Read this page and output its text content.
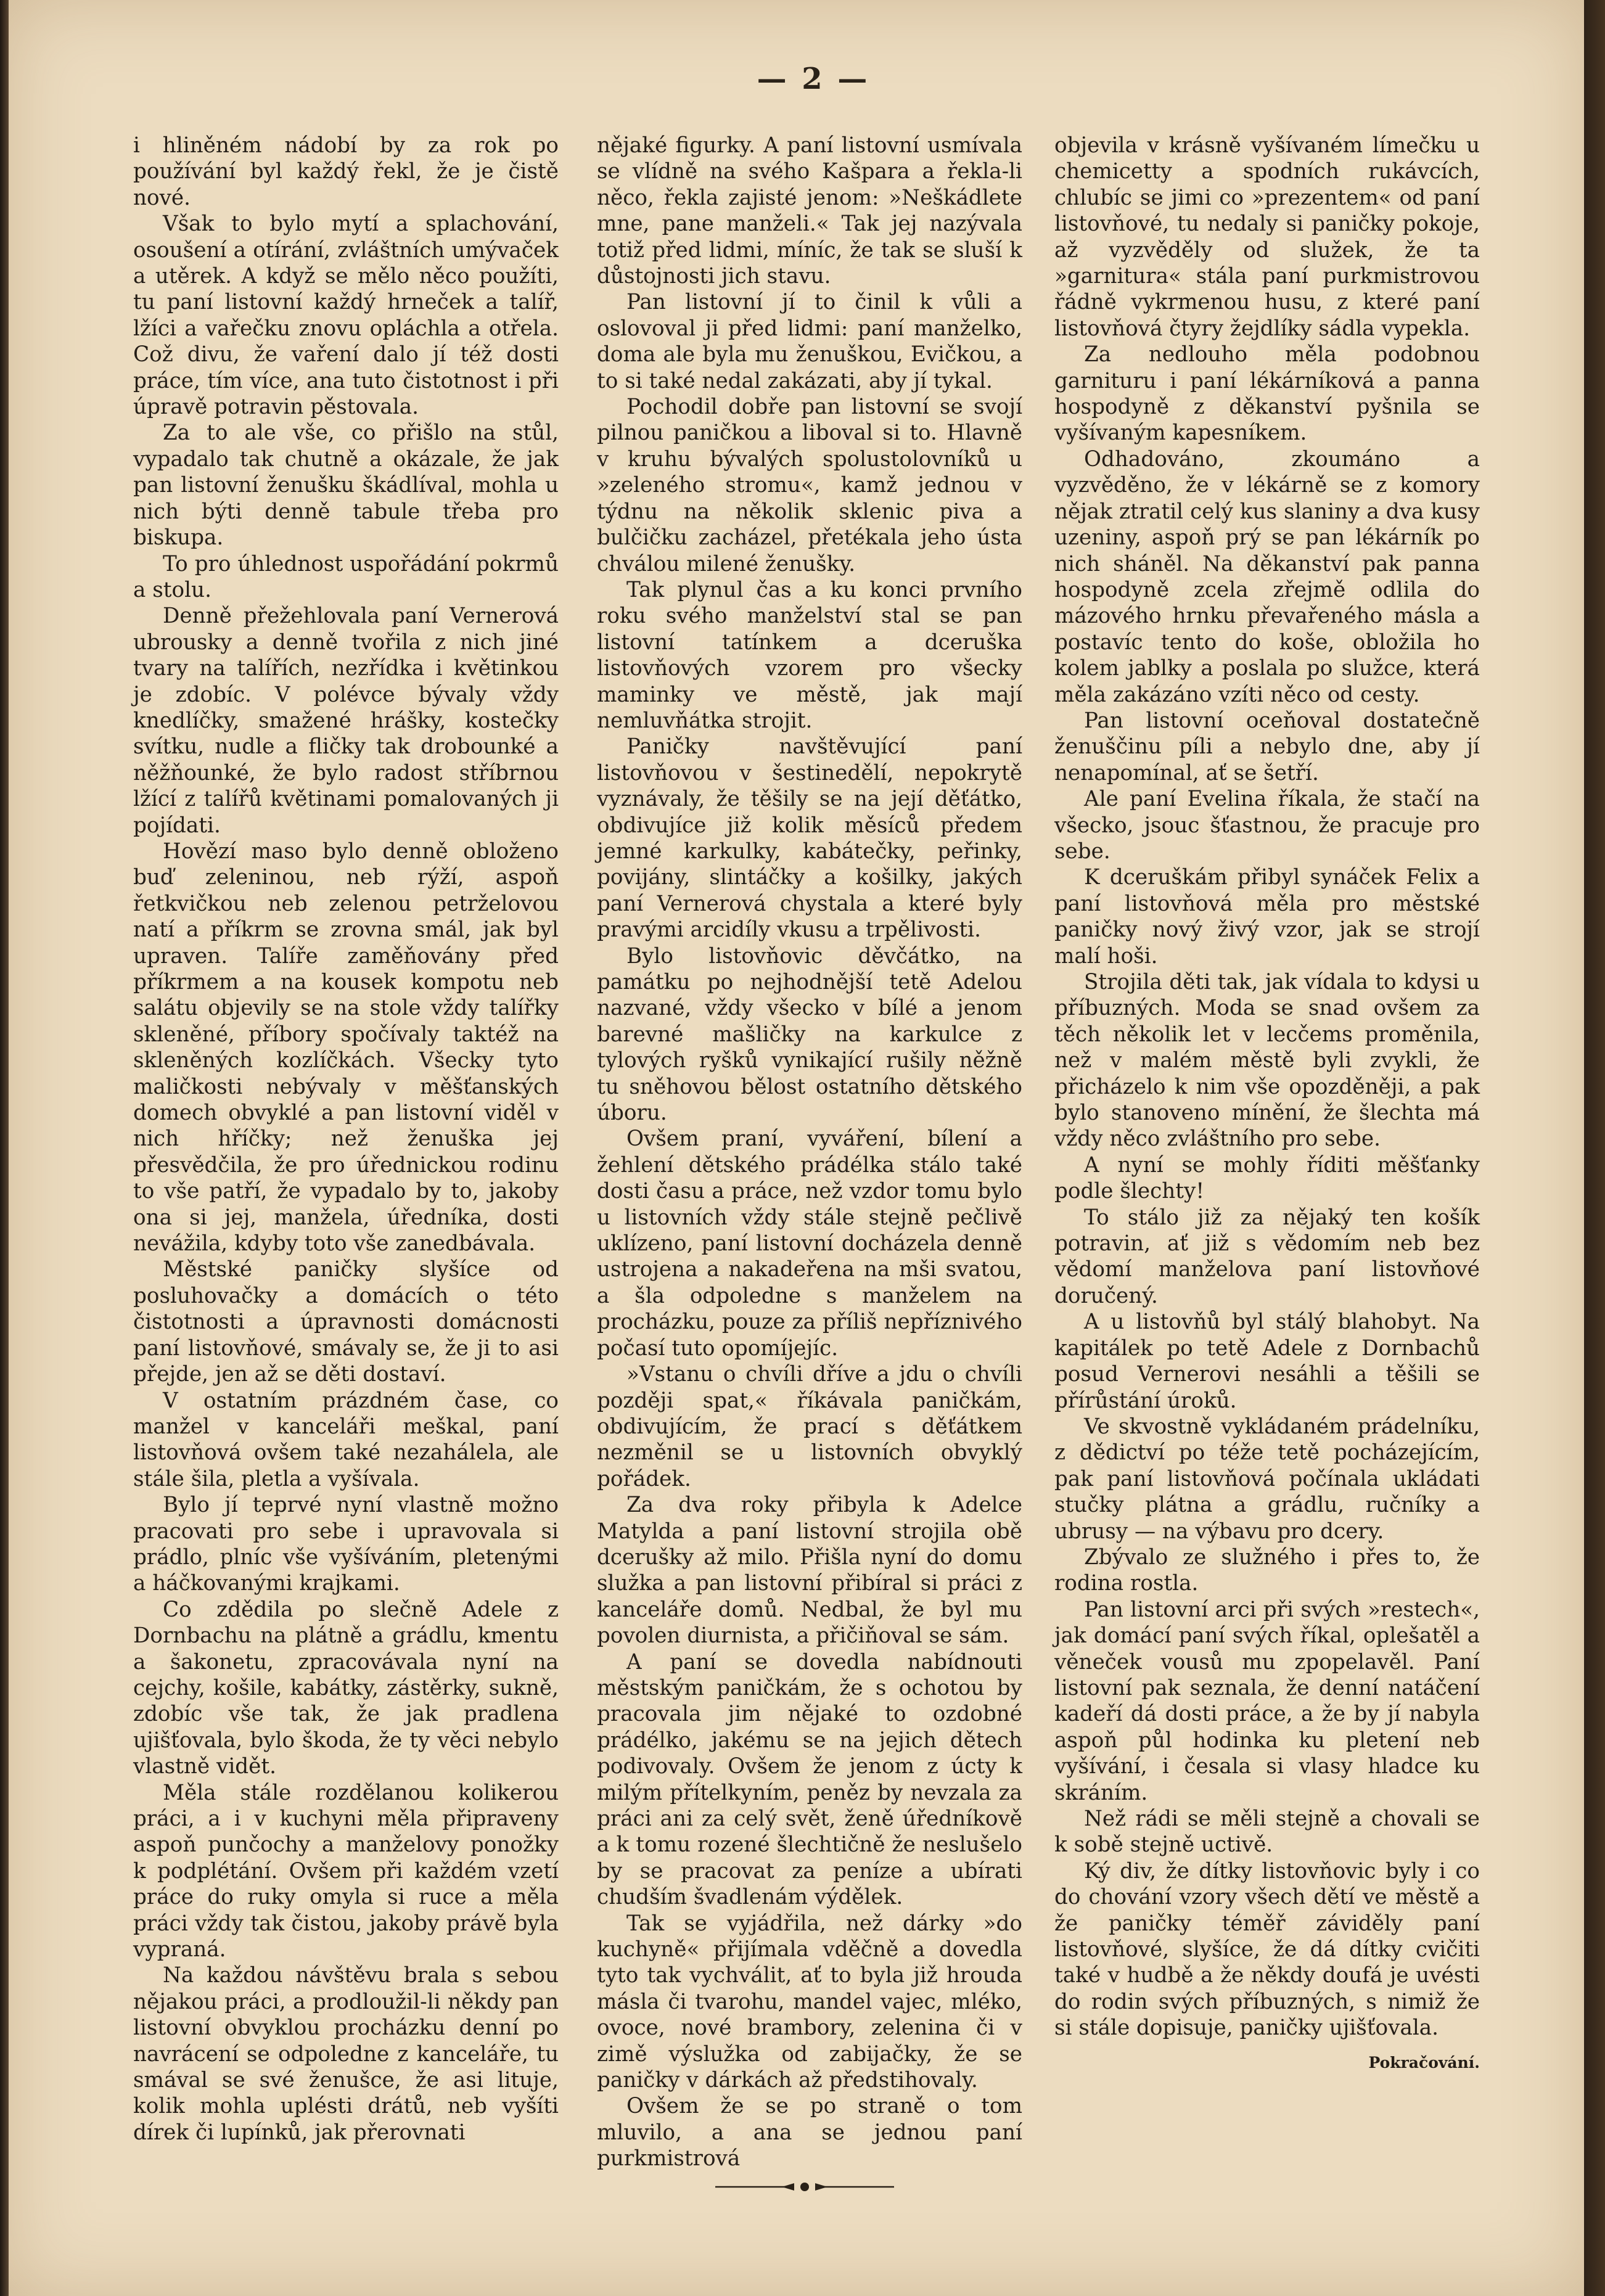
— 2 —

i hliněném nádobí by za rok po používání byl každý řekl, že je čistě nové.

Však to bylo mytí a splachování, osoušení a otírání, zvláštních umývaček a utěrek. A když se mělo něco použíti, tu paní listovní každý hrneček a talíř, lžíci a vařečku znovu opláchla a otřela. Což divu, že vaření dalo jí též dosti práce, tím více, ana tuto čistotnost i při úpravě potravin pěstovala.

Za to ale vše, co přišlo na stůl, vypadalo tak chutně a okázale, že jak pan listovní ženušku škádlíval, mohla u nich býti denně tabule třeba pro biskupa.

To pro úhlednost uspořádání pokrmů a stolu.

Denně přežehlovala paní Vernerová ubrousky a denně tvořila z nich jiné tvary na talířích, nezřídka i květinkou je zdobíc. V polévce bývaly vždy knedlíčky, smažené hrášky, kostečky svítku, nudle a fličky tak drobounké a něžňounké, že bylo radost stříbrnou lžící z talířů květinami pomalovaných ji pojídati.

Hovězí maso bylo denně obloženo buď zeleninou, neb rýží, aspoň řetkvičkou neb zelenou petrželovou natí a příkrm se zrovna smál, jak byl upraven. Talíře zaměňovány před příkrmem a na kousek kompotu neb salátu objevily se na stole vždy talířky skleněné, příbory spočívaly taktéž na skleněných kozlíčkách. Všecky tyto maličkosti nebývaly v měšťanských domech obvyklé a pan listovní viděl v nich hříčky; než ženuška jej přesvědčila, že pro úřednickou rodinu to vše patří, že vypadalo by to, jakoby ona si jej, manžela, úředníka, dosti nevážila, kdyby toto vše zanedbávala.

Městské paničky slyšíce od posluhovačky a domácích o této čistotnosti a úpravnosti domácnosti paní listovňové, smávaly se, že ji to asi přejde, jen až se děti dostaví.

V ostatním prázdném čase, co manžel v kanceláři meškal, paní listovňová ovšem také nezahálela, ale stále šila, pletla a vyšívala.

Bylo jí teprvé nyní vlastně možno pracovati pro sebe i upravovala si prádlo, plníc vše vyšíváním, pletenými a háčkovanými krajkami.

Co zdědila po slečně Adele z Dornbachu na plátně a grádlu, kmentu a šakonetu, zpracovávala nyní na cejchy, košile, kabátky, zástěrky, sukně, zdobíc vše tak, že jak pradlena ujišťovala, bylo škoda, že ty věci nebylo vlastně vidět.

Měla stále rozdělanou kolikerou práci, a i v kuchyni měla připraveny aspoň punčochy a manželovy ponožky k podplétání. Ovšem při každém vzetí práce do ruky omyla si ruce a měla práci vždy tak čistou, jakoby právě byla vypraná.

Na každou návštěvu brala s sebou nějakou práci, a prodloužil-li někdy pan listovní obvyklou procházku denní po navrácení se odpoledne z kanceláře, tu smával se své ženušce, že asi lituje, kolik mohla uplésti drátů, neb vyšíti dírek či lupínků, jak přerovnati

nějaké figurky. A paní listovní usmívala se vlídně na svého Kašpara a řekla-li něco, řekla zajisté jenom: »Neškádlete mne, pane manželi.« Tak jej nazývala totiž před lidmi, míníc, že tak se sluší k důstojnosti jich stavu.

Pan listovní jí to činil k vůli a oslovoval ji před lidmi: paní manželko, doma ale byla mu ženuškou, Evičkou, a to si také nedal zakázati, aby jí tykal.

Pochodil dobře pan listovní se svojí pilnou paničkou a liboval si to. Hlavně v kruhu bývalých spolustolovníků u »zeleného stromu«, kamž jednou v týdnu na několik sklenic piva a bulčičku zacházel, přetékala jeho ústa chválou milené ženušky.

Tak plynul čas a ku konci prvního roku svého manželství stal se pan listovní tatínkem a dceruška listovňových vzorem pro všecky maminky ve městě, jak mají nemluvňátka strojit.

Paničky navštěvující paní listovňovou v šestinedělí, nepokrytě vyznávaly, že těšily se na její děťátko, obdivujíce již kolik měsíců předem jemné karkulky, kabátečky, peřinky, povijány, slintáčky a košilky, jakých paní Vernerová chystala a které byly pravými arcidíly vkusu a trpělivosti.

Bylo listovňovic děvčátko, na památku po nejhodnější tetě Adelou nazvané, vždy všecko v bílé a jenom barevné mašličky na karkulce z tylových ryšků vynikající rušily něžně tu sněhovou bělost ostatního dětského úboru.

Ovšem praní, vyváření, bílení a žehlení dětského prádélka stálo také dosti času a práce, než vzdor tomu bylo u listovních vždy stále stejně pečlivě uklízeno, paní listovní docházela denně ustrojena a nakadeřena na mši svatou, a šla odpoledne s manželem na procházku, pouze za příliš nepříznivého počasí tuto opomíjejíc.

»Vstanu o chvíli dříve a jdu o chvíli později spat,« říkávala paničkám, obdivujícím, že prací s děťátkem nezměnil se u listovních obvyklý pořádek.

Za dva roky přibyla k Adelce Matylda a paní listovní strojila obě dcerušky až milo. Přišla nyní do domu služka a pan listovní přibíral si práci z kanceláře domů. Nedbal, že byl mu povolen diurnista, a přičiňoval se sám.

A paní se dovedla nabídnouti městským paničkám, že s ochotou by pracovala jim nějaké to ozdobné prádélko, jakému se na jejich dětech podivovaly. Ovšem že jenom z úcty k milým přítelkyním, peněz by nevzala za práci ani za celý svět, ženě úředníkově a k tomu rozené šlechtičně že neslušelo by se pracovat za peníze a ubírati chudším švadlenám výdělek.

Tak se vyjádřila, než dárky »do kuchyně« přijímala vděčně a dovedla tyto tak vychválit, ať to byla již hrouda másla či tvarohu, mandel vajec, mléko, ovoce, nové brambory, zelenina či v zimě výslužka od zabijačky, že se paničky v dárkách až předstihovaly.

Ovšem že se po straně o tom mluvilo, a ana se jednou paní purkmistrová

objevila v krásně vyšívaném límečku u chemicetty a spodních rukávcích, chlubíc se jimi co »prezentem« od paní listovňové, tu nedaly si paničky pokoje, až vyzvěděly od služek, že ta »garnitura« stála paní purkmistrovou řádně vykrmenou husu, z které paní listovňová čtyry žejdlíky sádla vypekla.

Za nedlouho měla podobnou garnituru i paní lékárníková a panna hospodyně z děkanství pyšnila se vyšívaným kapesníkem.

Odhadováno, zkoumáno a vyzvěděno, že v lékárně se z komory nějak ztratil celý kus slaniny a dva kusy uzeniny, aspoň prý se pan lékárník po nich sháněl. Na děkanství pak panna hospodyně zcela zřejmě odlila do mázového hrnku převařeného másla a postavíc tento do koše, obložila ho kolem jablky a poslala po služce, která měla zakázáno vzíti něco od cesty.

Pan listovní oceňoval dostatečně ženuščinu píli a nebylo dne, aby jí nenapomínal, ať se šetří.

Ale paní Evelina říkala, že stačí na všecko, jsouc šťastnou, že pracuje pro sebe.

K dceruškám přibyl synáček Felix a paní listovňová měla pro městské paničky nový živý vzor, jak se strojí malí hoši.

Strojila děti tak, jak vídala to kdysi u příbuzných. Moda se snad ovšem za těch několik let v lecčems proměnila, než v malém městě byli zvykli, že přicházelo k nim vše opozděněji, a pak bylo stanoveno mínění, že šlechta má vždy něco zvláštního pro sebe.

A nyní se mohly říditi měšťanky podle šlechty!

To stálo již za nějaký ten košík potravin, ať již s vědomím neb bez vědomí manželova paní listovňové doručený.

A u listovňů byl stálý blahobyt. Na kapitálek po tetě Adele z Dornbachů posud Vernerovi nesáhli a těšili se přírůstání úroků.

Ve skvostně vykládaném prádelníku, z dědictví po téže tetě pocházejícím, pak paní listovňová počínala ukládati stučky plátna a grádlu, ručníky a ubrusy — na výbavu pro dcery.

Zbývalo ze služného i přes to, že rodina rostla.

Pan listovní arci při svých »restech«, jak domácí paní svých říkal, oplešatěl a věneček vousů mu zpopelavěl. Paní listovní pak seznala, že denní natáčení kadeří dá dosti práce, a že by jí nabyla aspoň půl hodinka ku pletení neb vyšívání, i česala si vlasy hladce ku skráním.

Než rádi se měli stejně a chovali se k sobě stejně uctivě.

Ký div, že dítky listovňovic byly i co do chování vzory všech dětí ve městě a že paničky téměř záviděly paní listovňové, slyšíce, že dá dítky cvičiti také v hudbě a že někdy doufá je uvésti do rodin svých příbuzných, s nimiž že si stále dopisuje, paničky ujišťovala.

Pokračování.
